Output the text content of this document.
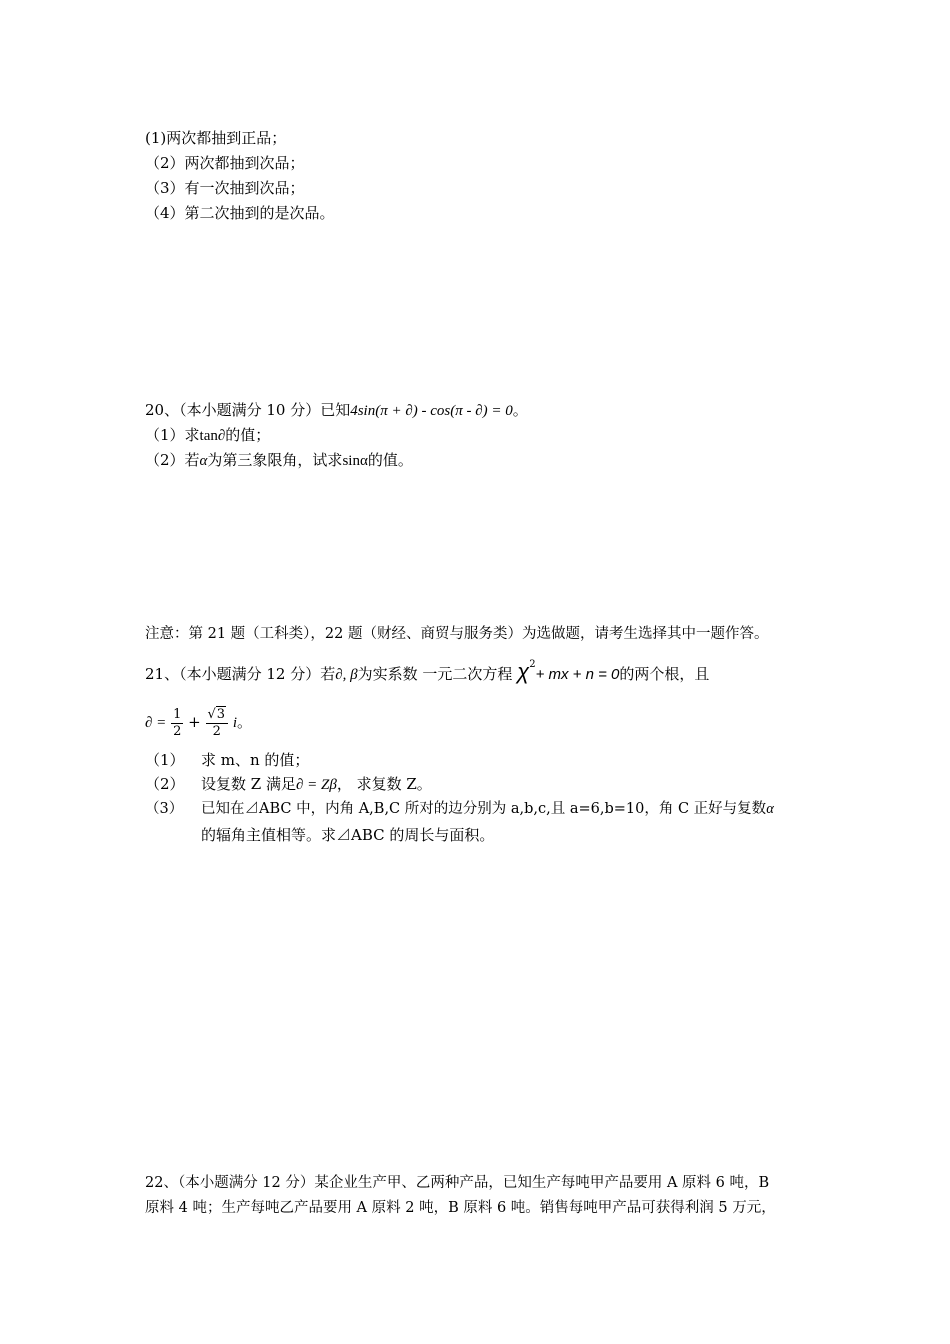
(1)两次都抽到正品；
（2）两次都抽到次品；
（3）有一次抽到次品；
（4）第二次抽到的是次品。
20、（本小题满分 10 分）已知4sin(π + ∂) - cos(π - ∂) = 0。
（1）求tan∂的值；
（2）若α为第三象限角，试求sinα的值。
注意：第 21 题（工科类），22 题（财经、商贸与服务类）为选做题，请考生选择其中一题作答。
21、（本小题满分 12 分）若∂, β为实系数 一元二次方程 $\chi^2+$ mx + n = 0的两个根，且
∂ = $\frac{1}{2} + \frac{√3}{2}$ i。
（1） 求 m、n 的值；
（2） 设复数 Z 满足∂ = Zβ， 求复数 Z。
（3） 已知在⊿ABC 中，内角 A,B,C 所对的边分别为 a,b,c,且 a=6,b=10，角 C 正好与复数α
的辐角主值相等。求⊿ABC 的周长与面积。
22、（本小题满分 12 分）某企业生产甲、乙两种产品，已知生产每吨甲产品要用 A 原料 6 吨，B
原料 4 吨；生产每吨乙产品要用 A 原料 2 吨，B 原料 6 吨。销售每吨甲产品可获得利润 5 万元，
